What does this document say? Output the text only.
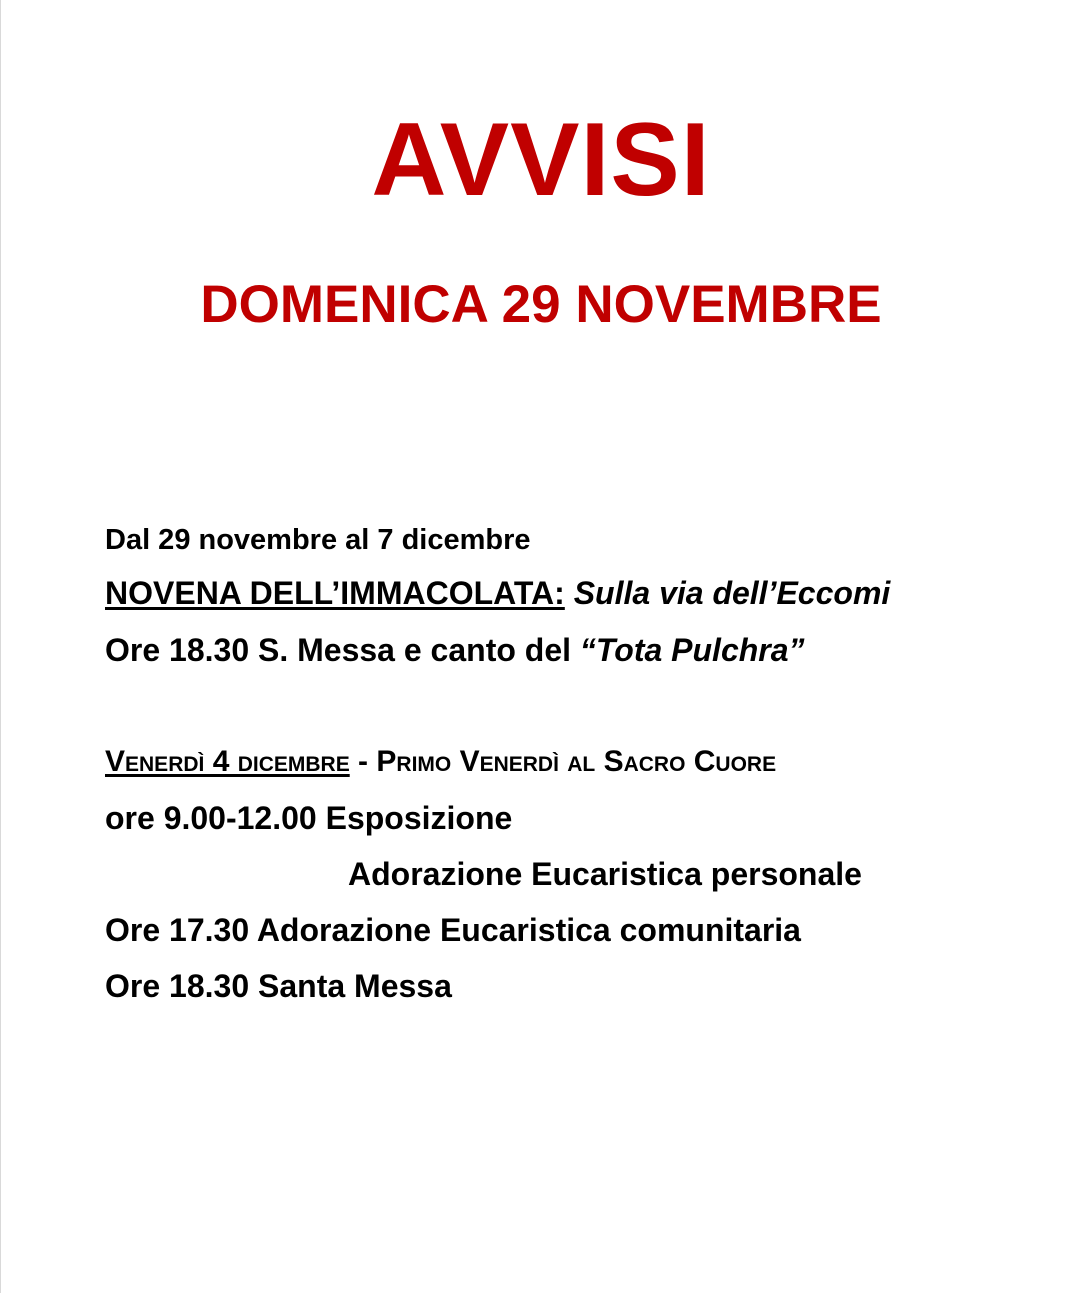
AVVISI
DOMENICA 29 NOVEMBRE
Dal 29 novembre al 7 dicembre
NOVENA DELL’IMMACOLATA: Sulla via dell’Eccomi
Ore 18.30 S. Messa e canto del “Tota Pulchra”
Venerdì 4 dicembre - Primo Venerdì al Sacro Cuore
ore 9.00-12.00 Esposizione
Adorazione Eucaristica personale
Ore 17.30 Adorazione Eucaristica comunitaria
Ore 18.30 Santa Messa
